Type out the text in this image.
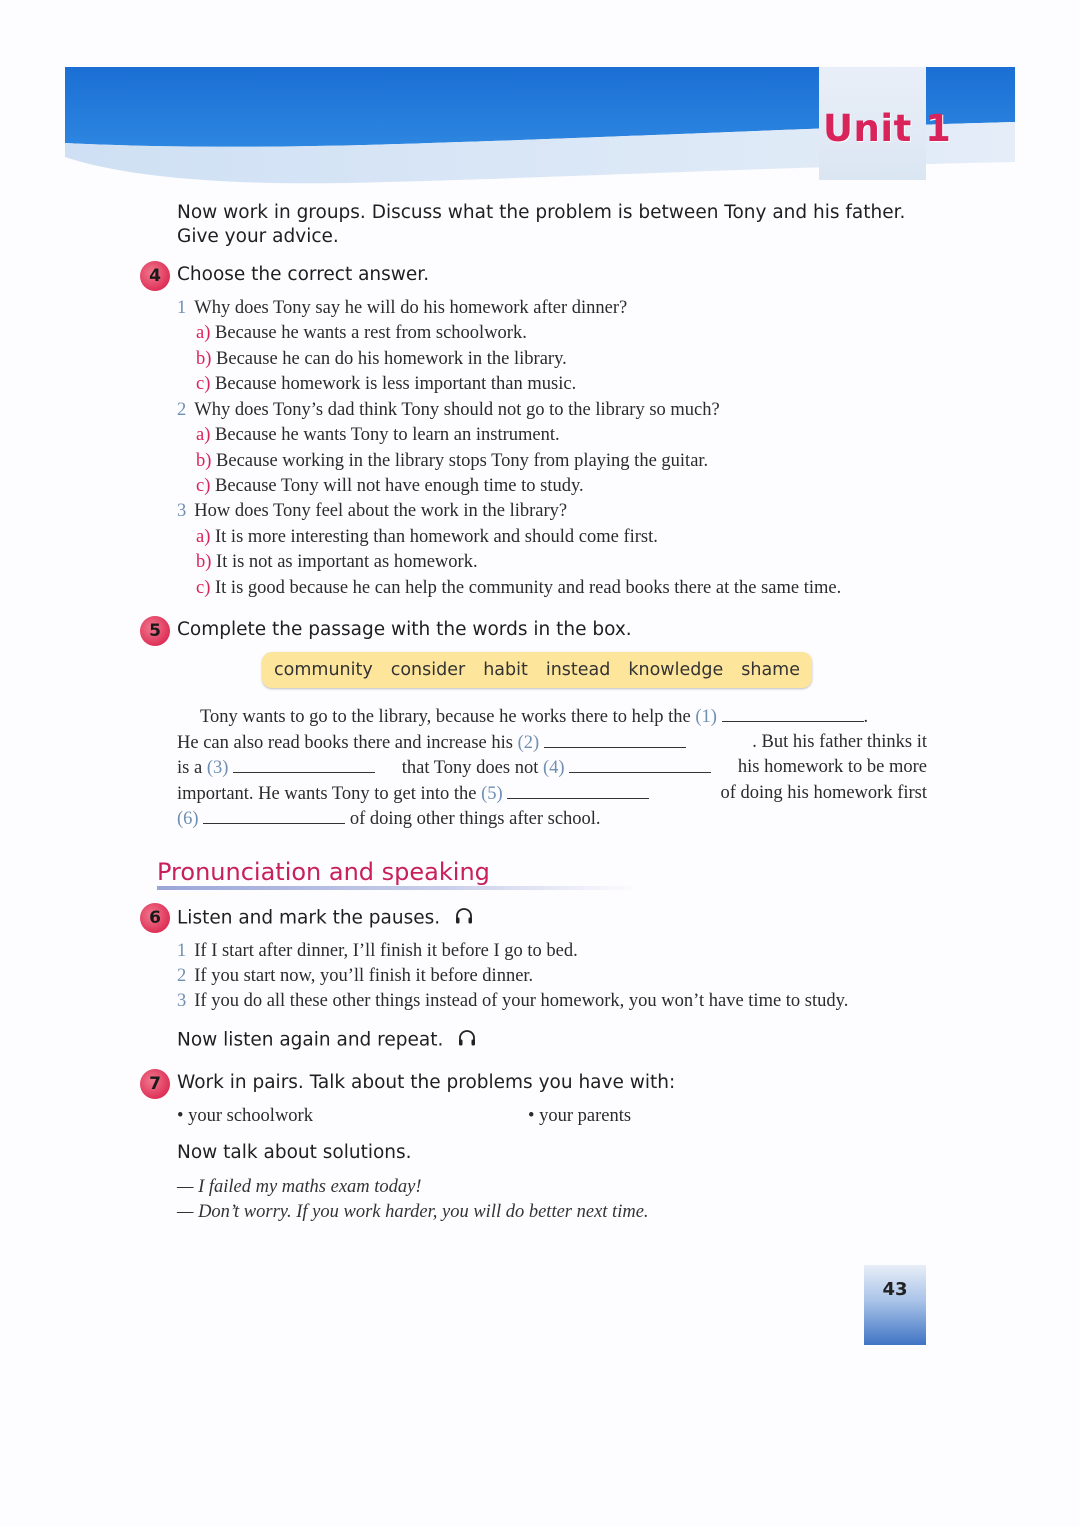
Unit 1
Now work in groups. Discuss what the problem is between Tony and his father.
Give your advice.
4 Choose the correct answer.
1 Why does Tony say he will do his homework after dinner?
a) Because he wants a rest from schoolwork.
b) Because he can do his homework in the library.
c) Because homework is less important than music.
2 Why does Tony’s dad think Tony should not go to the library so much?
a) Because he wants Tony to learn an instrument.
b) Because working in the library stops Tony from playing the guitar.
c) Because Tony will not have enough time to study.
3 How does Tony feel about the work in the library?
a) It is more interesting than homework and should come first.
b) It is not as important as homework.
c) It is good because he can help the community and read books there at the same time.
5 Complete the passage with the words in the box.
community consider habit instead knowledge shame
Tony wants to go to the library, because he works there to help the (1)	.
He can also read books there and increase his (2)	. But his father thinks it
is a (3)	that Tony does not (4)	his homework to be more
important. He wants Tony to get into the (5)	of doing his homework first
(6)	of doing other things after school.
Pronunciation and speaking
6 Listen and mark the pauses.
1 If I start after dinner, I’ll finish it before I go to bed.
2 If you start now, you’ll finish it before dinner.
3 If you do all these other things instead of your homework, you won’t have time to study.
Now listen again and repeat.
7 Work in pairs. Talk about the problems you have with:
• your schoolwork	• your parents
Now talk about solutions.
— I failed my maths exam today!
— Don’t worry. If you work harder, you will do better next time.
43
